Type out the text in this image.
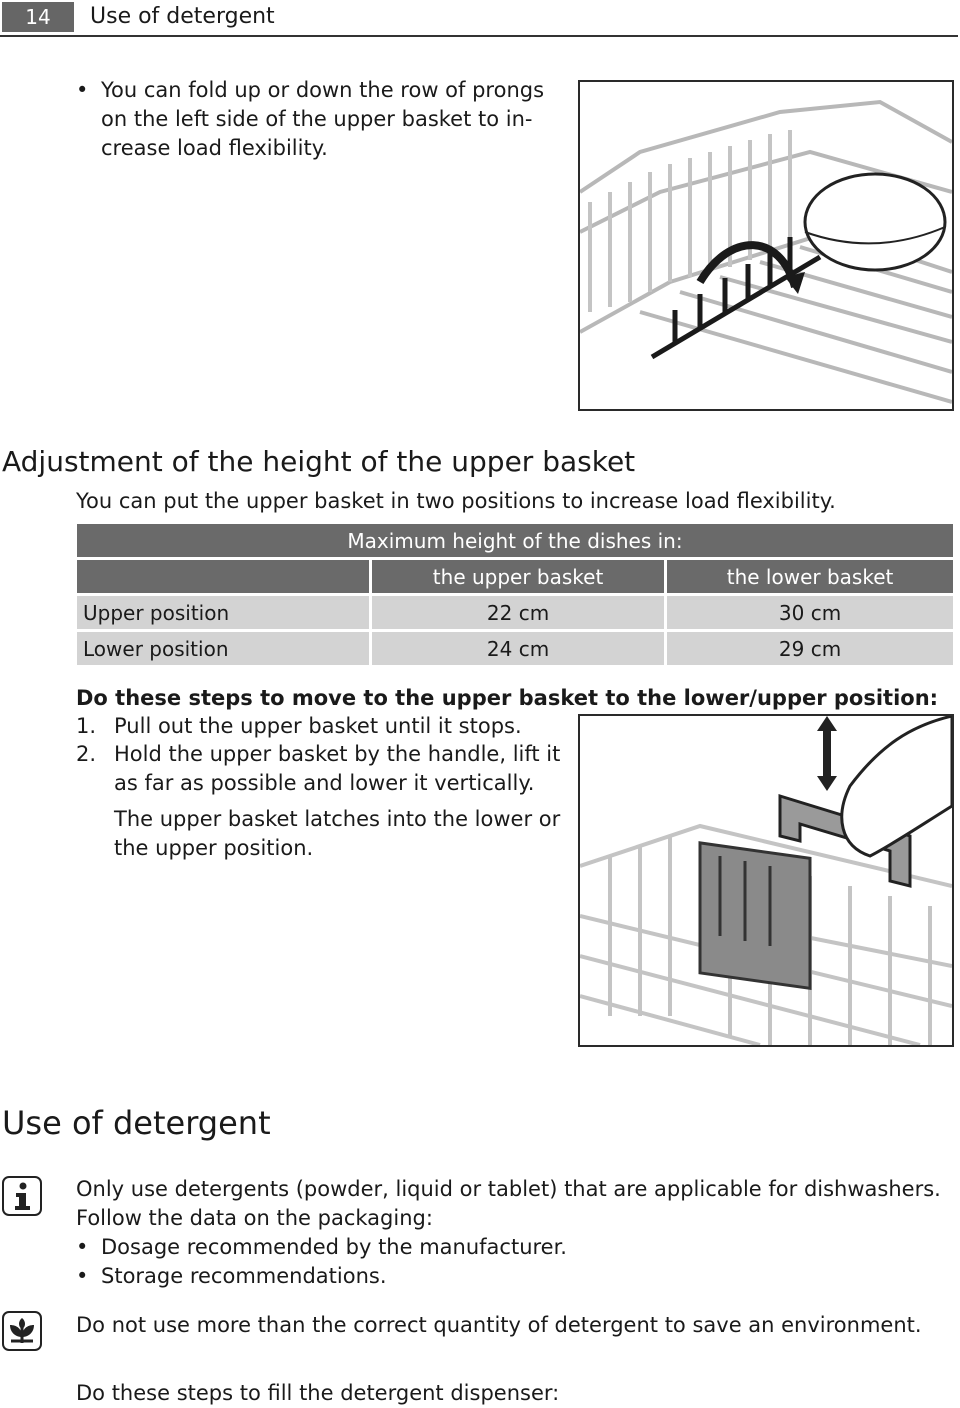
14	Use of detergent
• You can fold up or down the row of prongs
on the left side of the upper basket to in-
crease load flexibility.
Adjustment of the height of the upper basket
You can put the upper basket in two positions to increase load flexibility.
Maximum height of the dishes in:		
	the upper basket	the lower basket
Upper position	22 cm	30 cm
Lower position	24 cm	29 cm
Do these steps to move to the upper basket to the lower/upper position:
1. Pull out the upper basket until it stops.
2. Hold the upper basket by the handle, lift it
as far as possible and lower it vertically.
The upper basket latches into the lower or
the upper position.
Use of detergent
Only use detergents (powder, liquid or tablet) that are applicable for dishwashers.
Follow the data on the packaging:
• Dosage recommended by the manufacturer.
• Storage recommendations.
Do not use more than the correct quantity of detergent to save an environment.
Do these steps to fill the detergent dispenser:
